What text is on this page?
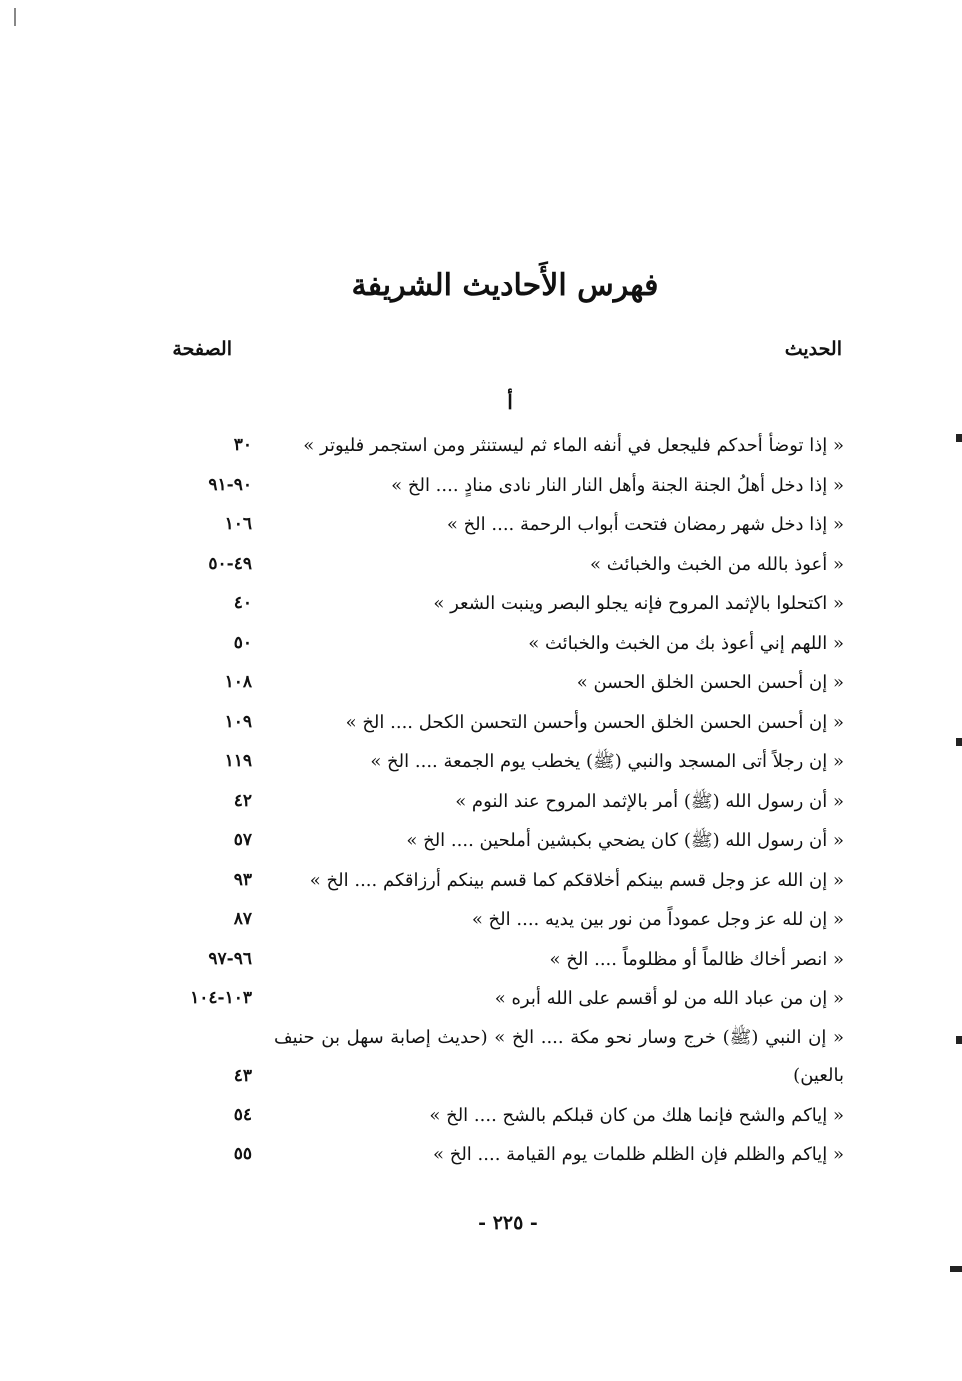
فهرس الأَحاديث الشريفة
الحديث
الصفحة
أ
« إذا توضأ أحدكم فليجعل في أنفه الماء ثم ليستنثر ومن استجمر فليوتر »
٣٠
« إذا دخل أهلُ الجنة الجنة وأهل النار النار نادى منادٍ .... الخ »
٩٠-٩١
« إذا دخل شهر رمضان فتحت أبواب الرحمة .... الخ »
١٠٦
« أعوذ بالله من الخبث والخبائث »
٤٩-٥٠
« اكتحلوا بالإثمد المروح فإنه يجلو البصر وينبت الشعر »
٤٠
« اللهم إني أعوذ بك من الخبث والخبائث »
٥٠
« إن أحسن الحسن الخلق الحسن »
١٠٨
« إن أحسن الحسن الخلق الحسن وأحسن التحسن الكحل .... الخ »
١٠٩
« إن رجلاً أتى المسجد والنبي (ﷺ) يخطب يوم الجمعة .... الخ »
١١٩
« أن رسول الله (ﷺ) أمر بالإثمد المروح عند النوم »
٤٢
« أن رسول الله (ﷺ) كان يضحي بكبشين أملحين .... الخ »
٥٧
« إن الله عز وجل قسم بينكم أخلاقكم كما قسم بينكم أرزاقكم .... الخ »
٩٣
« إن لله عز وجل عموداً من نور بين يديه .... الخ »
٨٧
« انصر أخاك ظالماً أو مظلوماً .... الخ »
٩٦-٩٧
« إن من عباد الله من لو أقسم على الله أبره »
١٠٣-١٠٤
« إن النبي (ﷺ) خرج وسار نحو مكة .... الخ » (حديث إصابة سهل بن حنيف بالعين)
٤٣
« إياكم والشح فإنما هلك من كان قبلكم بالشح .... الخ »
٥٤
« إياكم والظلم فإن الظلم ظلمات يوم القيامة .... الخ »
٥٥
- ٢٢٥ -
